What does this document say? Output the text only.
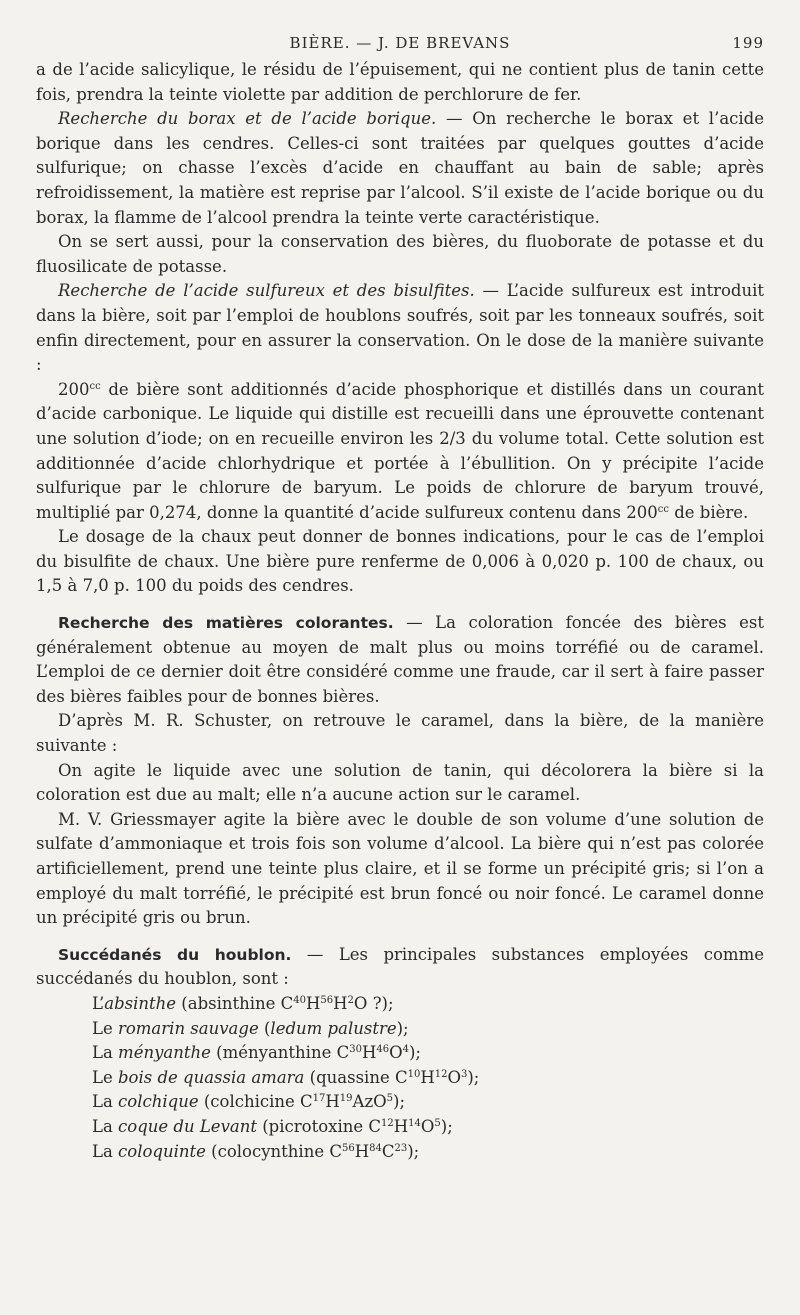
BIÈRE. — J. DE BREVANS	199

a de l’acide salicylique, le résidu de l’épuisement, qui ne contient plus de tanin cette fois, prendra la teinte violette par addition de perchlorure de fer.

Recherche du borax et de l’acide borique. — On recherche le borax et l’acide borique dans les cendres. Celles-ci sont traitées par quelques gouttes d’acide sulfurique; on chasse l’excès d’acide en chauffant au bain de sable; après refroidissement, la matière est reprise par l’alcool. S’il existe de l’acide borique ou du borax, la flamme de l’alcool prendra la teinte verte caractéristique.

On se sert aussi, pour la conservation des bières, du fluoborate de potasse et du fluosilicate de potasse.

Recherche de l’acide sulfureux et des bisulfites. — L’acide sulfureux est introduit dans la bière, soit par l’emploi de houblons soufrés, soit par les tonneaux soufrés, soit enfin directement, pour en assurer la conservation. On le dose de la manière suivante :

$200^{cc}$ de bière sont additionnés d’acide phosphorique et distillés dans un courant d’acide carbonique. Le liquide qui distille est recueilli dans une éprouvette contenant une solution d’iode; on en recueille environ les 2/3 du volume total. Cette solution est additionnée d’acide chlorhydrique et portée à l’ébullition. On y précipite l’acide sulfurique par le chlorure de baryum. Le poids de chlorure de baryum trouvé, multiplié par 0,274, donne la quantité d’acide sulfureux contenu dans $200^{cc}$ de bière.

Le dosage de la chaux peut donner de bonnes indications, pour le cas de l’emploi du bisulfite de chaux. Une bière pure renferme de 0,006 à 0,020 p. 100 de chaux, ou 1,5 à 7,0 p. 100 du poids des cendres.

Recherche des matières colorantes. — La coloration foncée des bières est généralement obtenue au moyen de malt plus ou moins torréfié ou de caramel. L’emploi de ce dernier doit être considéré comme une fraude, car il sert à faire passer des bières faibles pour de bonnes bières.

D’après M. R. Schuster, on retrouve le caramel, dans la bière, de la manière suivante :

On agite le liquide avec une solution de tanin, qui décolorera la bière si la coloration est due au malt; elle n’a aucune action sur le caramel.

M. V. Griessmayer agite la bière avec le double de son volume d’une solution de sulfate d’ammoniaque et trois fois son volume d’alcool. La bière qui n’est pas colorée artificiellement, prend une teinte plus claire, et il se forme un précipité gris; si l’on a employé du malt torréfié, le précipité est brun foncé ou noir foncé. Le caramel donne un précipité gris ou brun.

Succédanés du houblon. — Les principales substances employées comme succédanés du houblon, sont :

L’absinthe (absinthine $C^{40}H^{56}H^2O$ ?);
Le romarin sauvage (ledum palustre);
La ményanthe (ményanthine $C^{30}H^{46}O^4$);
Le bois de quassia amara (quassine $C^{10}H^{12}O^3$);
La colchique (colchicine $C^{17}H^{19}AzO^5$);
La coque du Levant (picrotoxine $C^{12}H^{14}O^5$);
La coloquinte (colocynthine $C^{56}H^{84}C^{23}$);
